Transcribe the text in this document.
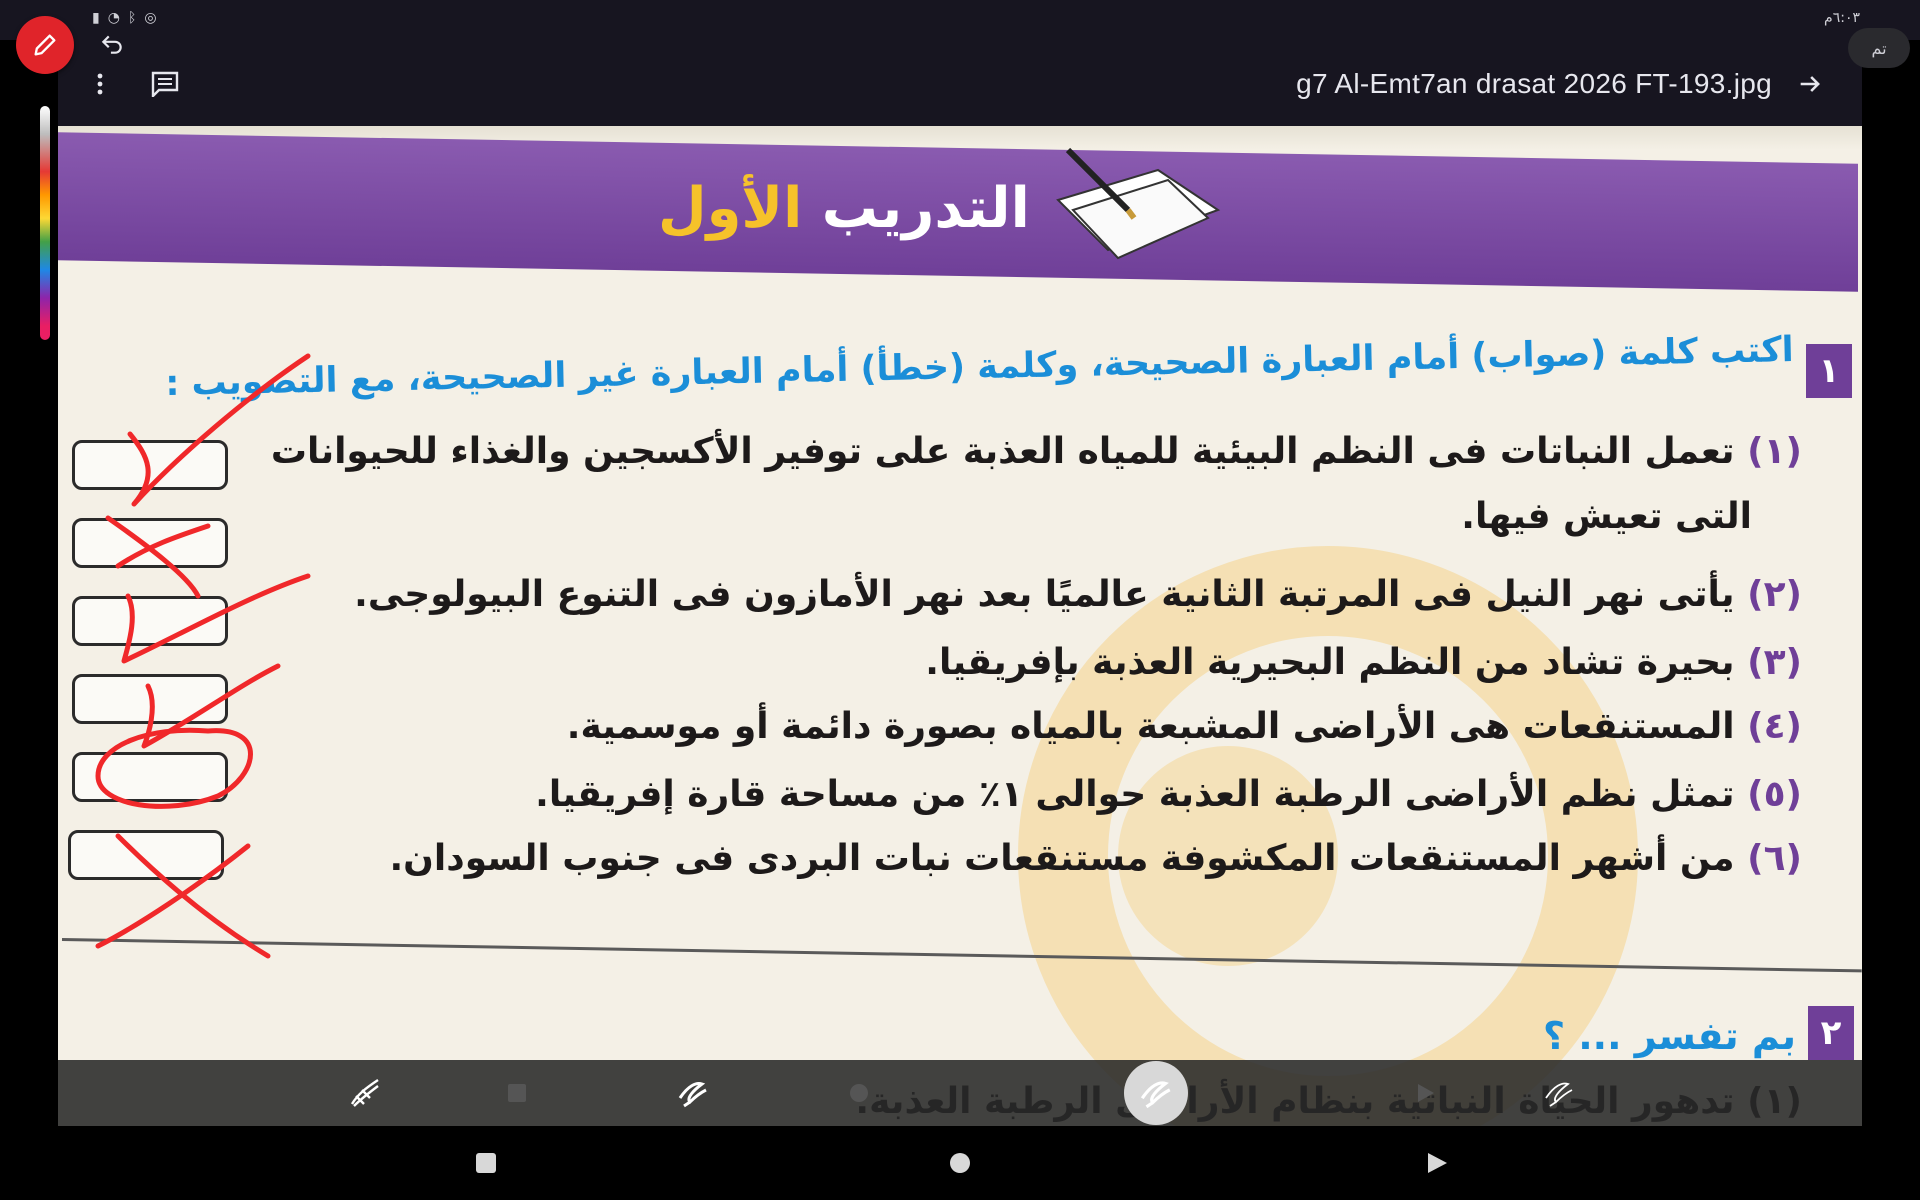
▮ ◔ ᛒ ◎	٦:٠٣م
g7 Al-Emt7an drasat 2026 FT-193.jpg
تم
التدريب الأول
١
اكتب كلمة (صواب) أمام العبارة الصحيحة، وكلمة (خطأ) أمام العبارة غير الصحيحة، مع التصويب :
(١) تعمل النباتات فى النظم البيئية للمياه العذبة على توفير الأكسجين والغذاء للحيوانات
التى تعيش فيها.
(٢) يأتى نهر النيل فى المرتبة الثانية عالميًا بعد نهر الأمازون فى التنوع البيولوجى.
(٣) بحيرة تشاد من النظم البحيرية العذبة بإفريقيا.
(٤) المستنقعات هى الأراضى المشبعة بالمياه بصورة دائمة أو موسمية.
(٥) تمثل نظم الأراضى الرطبة العذبة حوالى ١٪ من مساحة قارة إفريقيا.
(٦) من أشهر المستنقعات المكشوفة مستنقعات نبات البردى فى جنوب السودان.
٢
بم تفسر ... ؟
